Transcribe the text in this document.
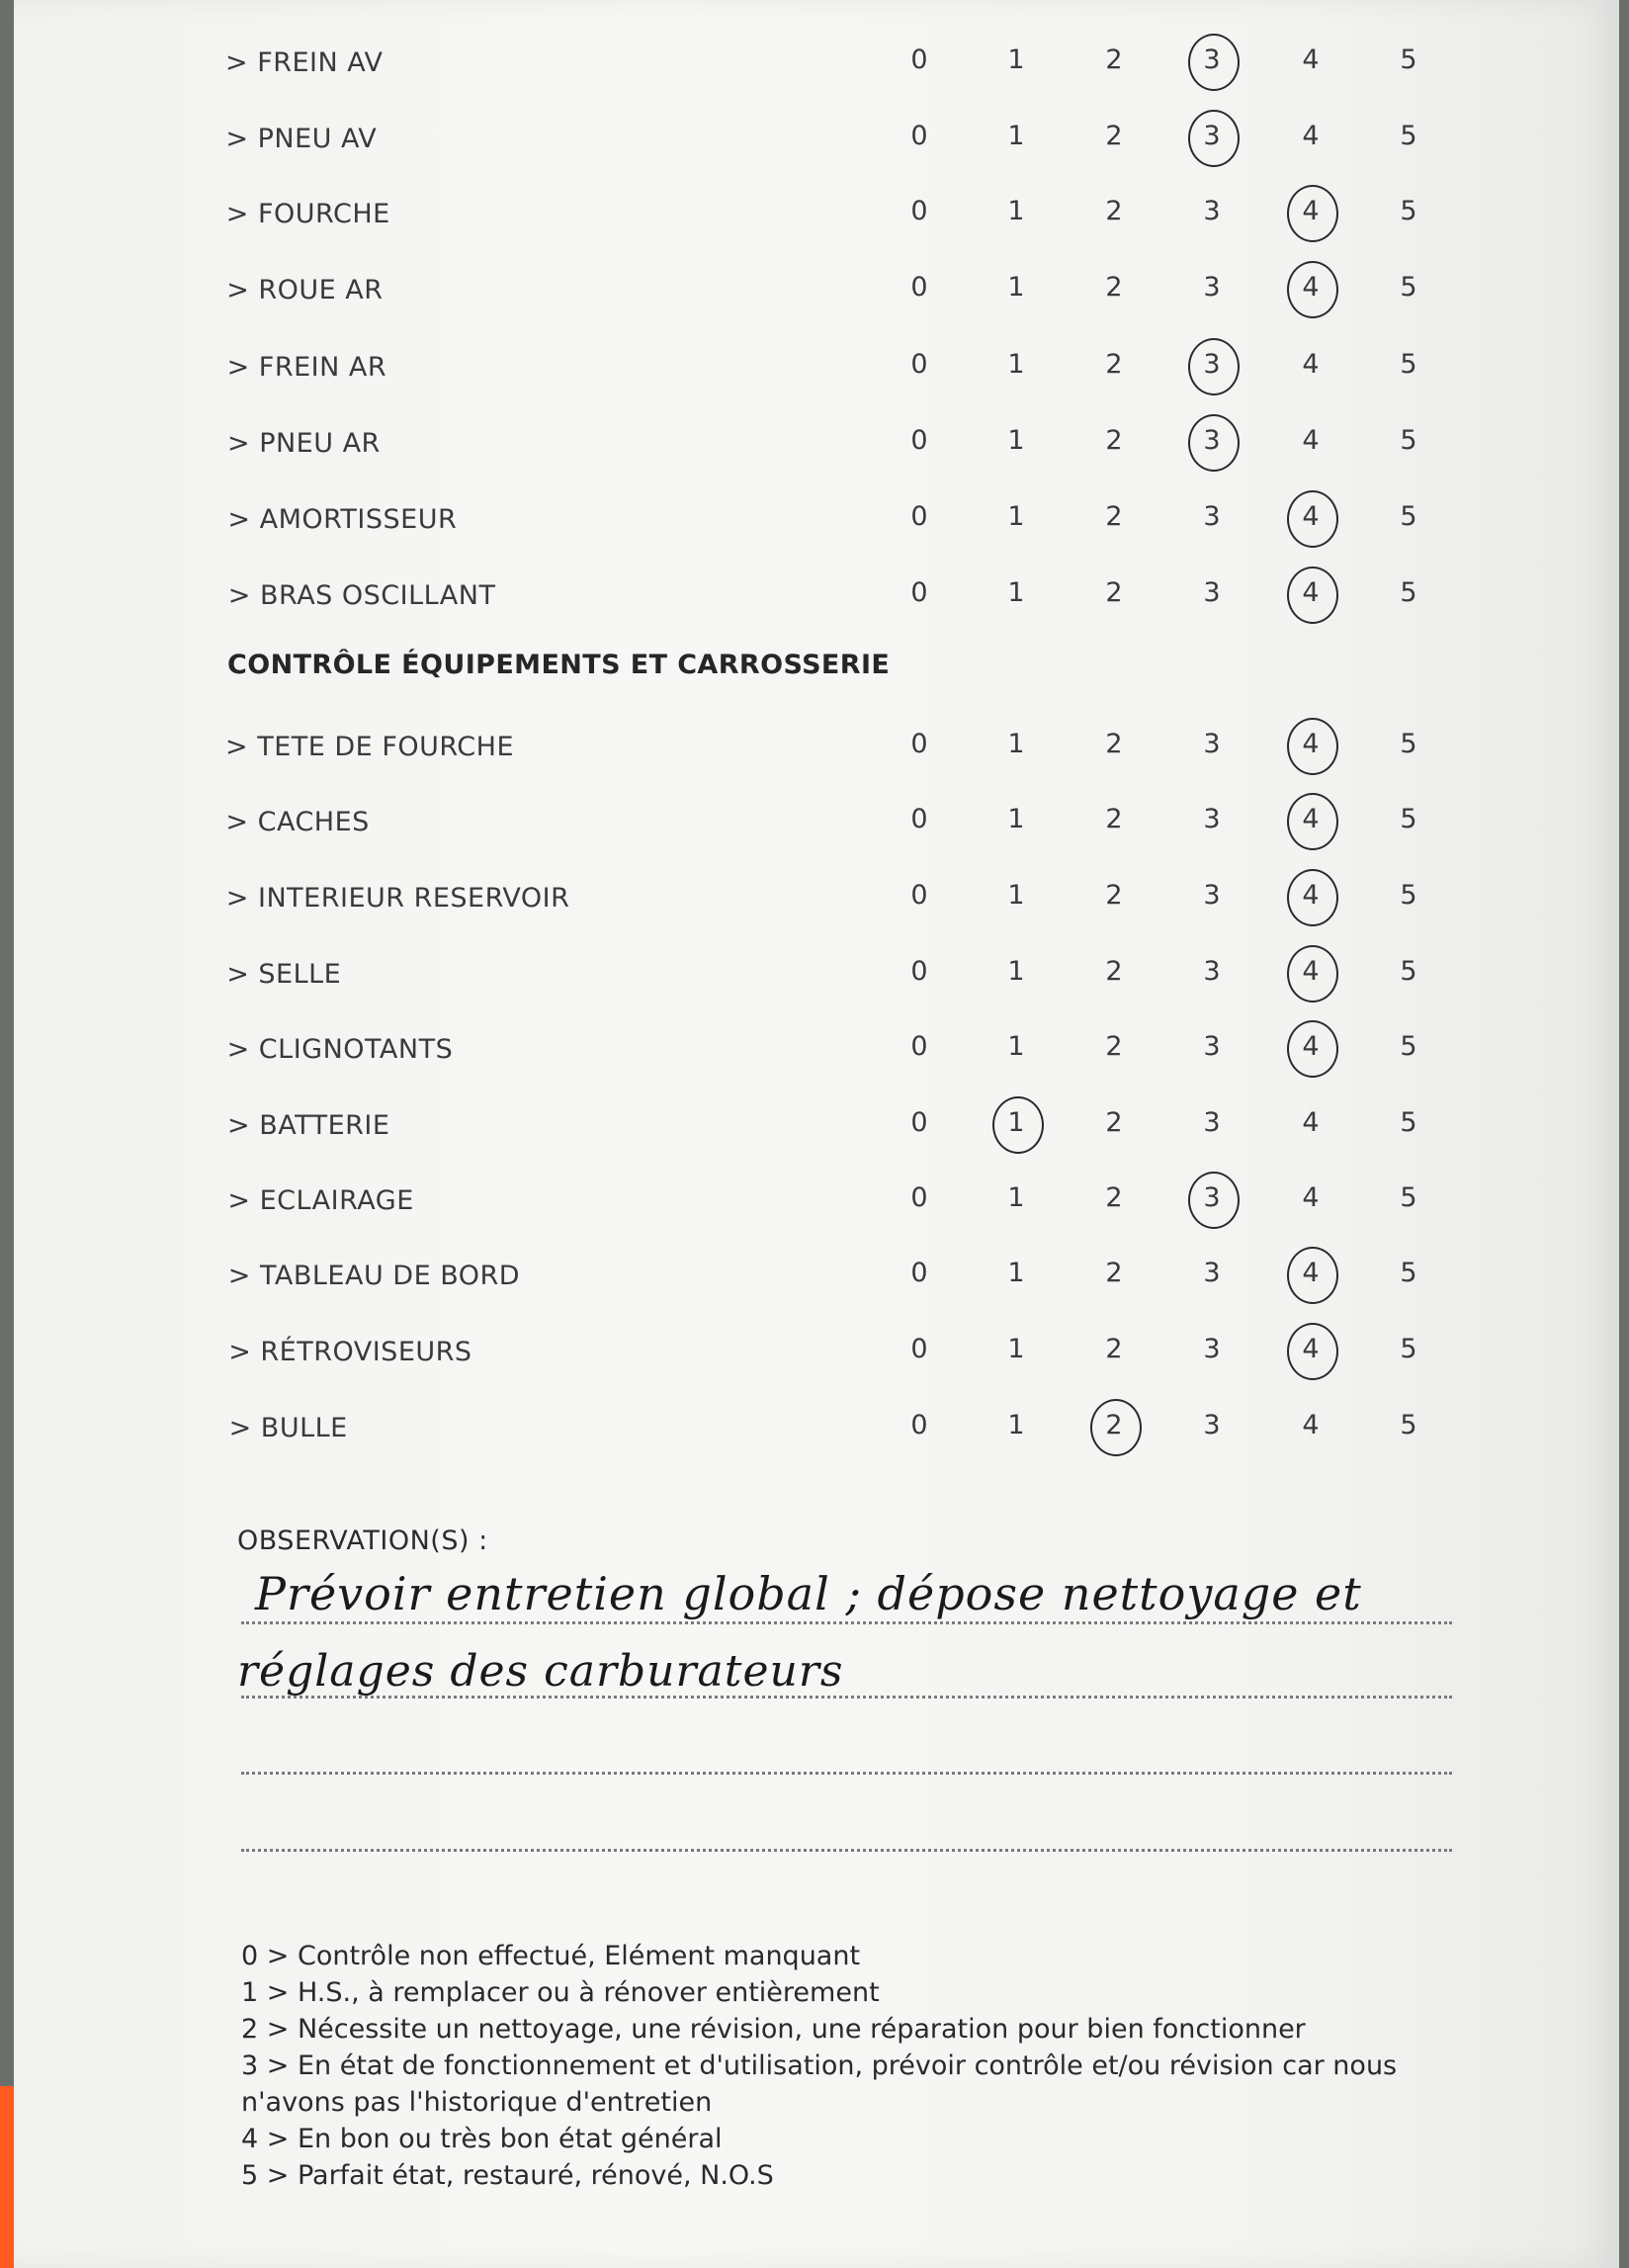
> FREIN AV	0	1	2	3	4	5
> PNEU AV	0	1	2	3	4	5
> FOURCHE	0	1	2	3	4	5
> ROUE AR	0	1	2	3	4	5
> FREIN AR	0	1	2	3	4	5
> PNEU AR	0	1	2	3	4	5
> AMORTISSEUR	0	1	2	3	4	5
> BRAS OSCILLANT	0	1	2	3	4	5
> TETE DE FOURCHE	0	1	2	3	4	5
> CACHES	0	1	2	3	4	5
> INTERIEUR RESERVOIR	0	1	2	3	4	5
> SELLE	0	1	2	3	4	5
> CLIGNOTANTS	0	1	2	3	4	5
> BATTERIE	0	1	2	3	4	5
> ECLAIRAGE	0	1	2	3	4	5
> TABLEAU DE BORD	0	1	2	3	4	5
> RÉTROVISEURS	0	1	2	3	4	5
> BULLE	0	1	2	3	4	5
CONTRÔLE ÉQUIPEMENTS ET CARROSSERIE
OBSERVATION(S) :
Prévoir entretien global ; dépose nettoyage et
réglages des carburateurs
0 > Contrôle non effectué, Elément manquant
1 > H.S., à remplacer ou à rénover entièrement
2 > Nécessite un nettoyage, une révision, une réparation pour bien fonctionner
3 > En état de fonctionnement et d'utilisation, prévoir contrôle et/ou révision car nous n'avons pas l'historique d'entretien
4 > En bon ou très bon état général
5 > Parfait état, restauré, rénové, N.O.S
